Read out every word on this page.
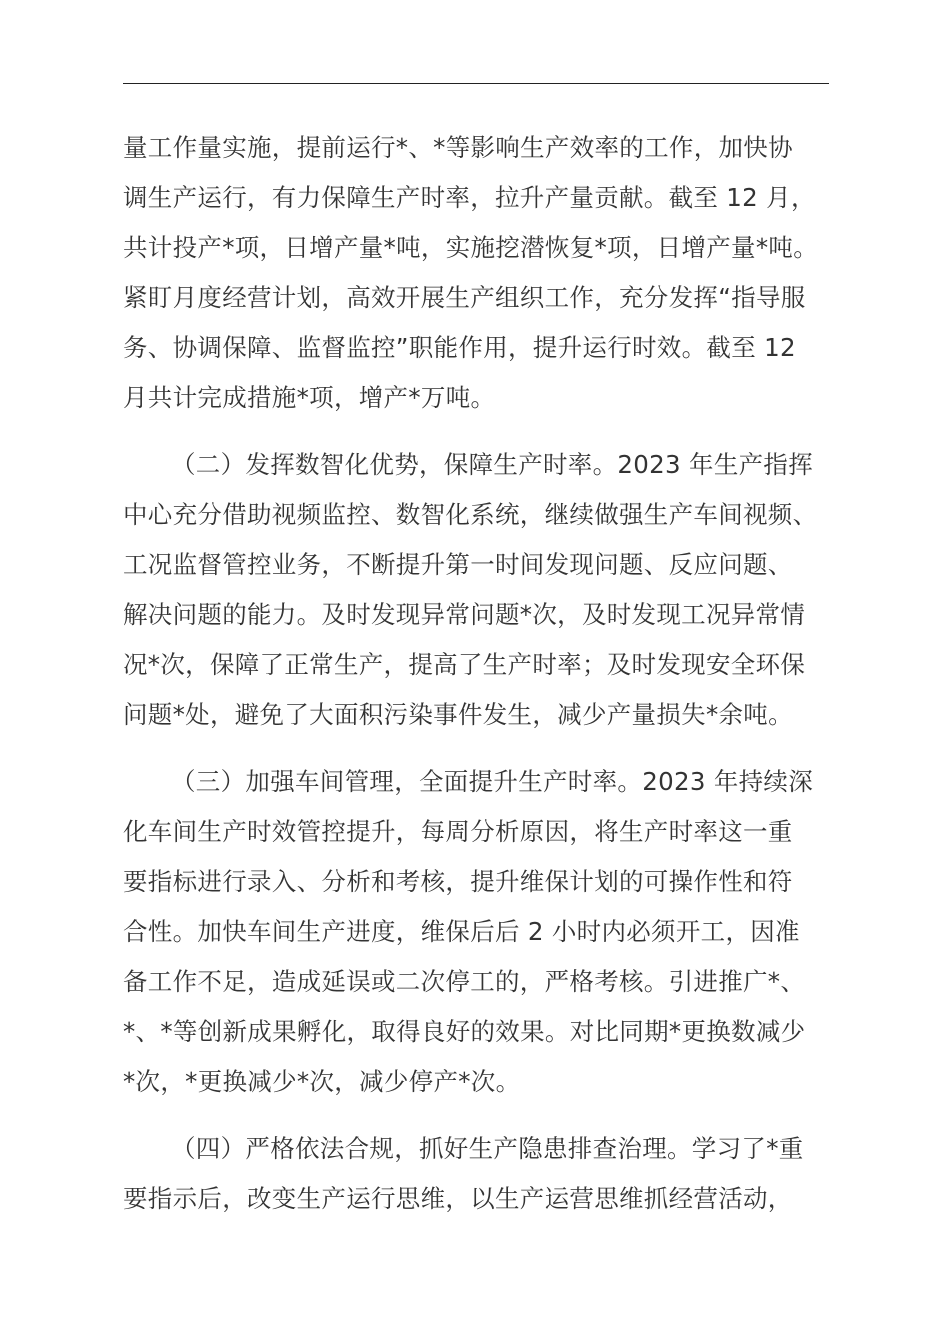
量工作量实施，提前运行*、*等影响生产效率的工作，加快协
调生产运行，有力保障生产时率，拉升产量贡献。截至 12 月，
共计投产*项，日增产量*吨，实施挖潜恢复*项，日增产量*吨。
紧盯月度经营计划，高效开展生产组织工作，充分发挥“指导服
务、协调保障、监督监控”职能作用，提升运行时效。截至 12
月共计完成措施*项，增产*万吨。
（二）发挥数智化优势，保障生产时率。2023 年生产指挥
中心充分借助视频监控、数智化系统，继续做强生产车间视频、
工况监督管控业务，不断提升第一时间发现问题、反应问题、
解决问题的能力。及时发现异常问题*次，及时发现工况异常情
况*次，保障了正常生产，提高了生产时率；及时发现安全环保
问题*处，避免了大面积污染事件发生，减少产量损失*余吨。
（三）加强车间管理，全面提升生产时率。2023 年持续深
化车间生产时效管控提升，每周分析原因，将生产时率这一重
要指标进行录入、分析和考核，提升维保计划的可操作性和符
合性。加快车间生产进度，维保后后 2 小时内必须开工，因准
备工作不足，造成延误或二次停工的，严格考核。引进推广*、
*、*等创新成果孵化，取得良好的效果。对比同期*更换数减少
*次，*更换减少*次，减少停产*次。
（四）严格依法合规，抓好生产隐患排查治理。学习了*重
要指示后，改变生产运行思维，以生产运营思维抓经营活动，
